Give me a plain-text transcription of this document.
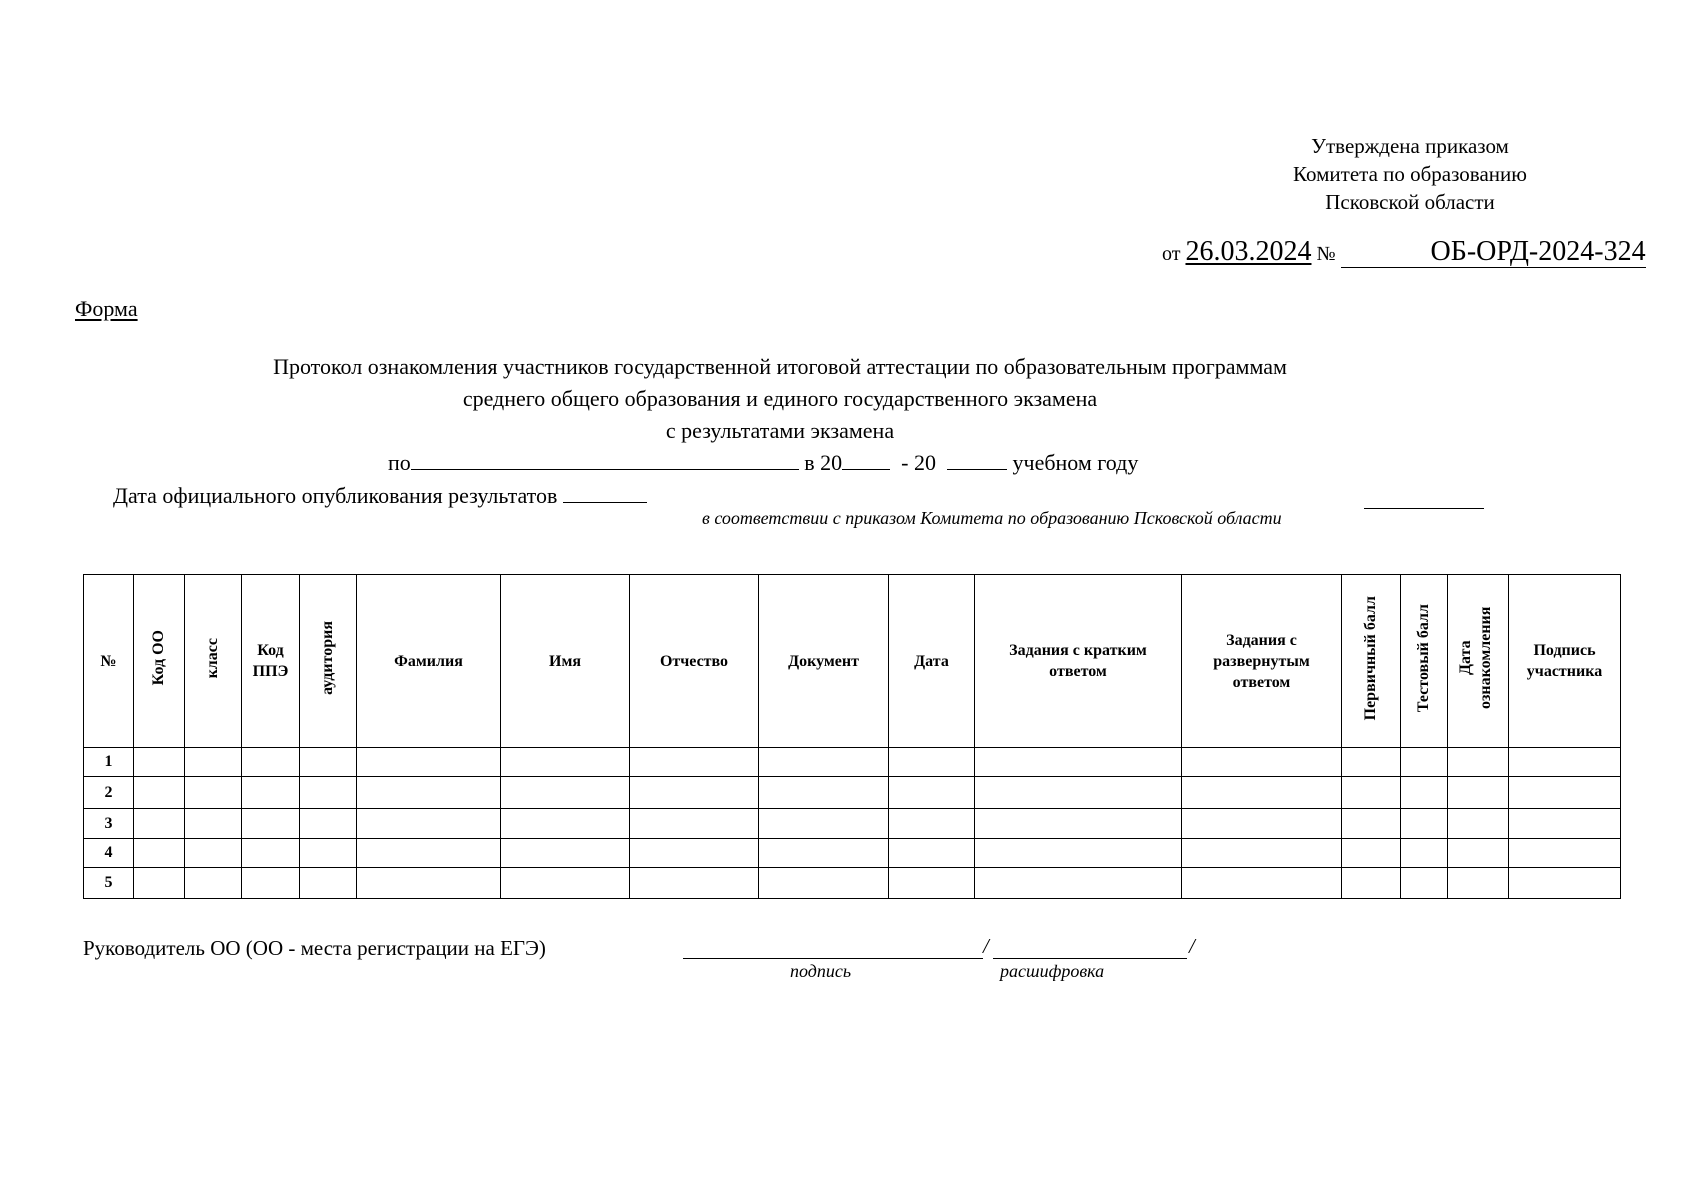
Утверждена приказом
Комитета по образованию
Псковской области
от 26.03.2024 №	ОБ-ОРД-2024-324
Форма
Протокол ознакомления участников государственной итоговой аттестации по образовательным программам
среднего общего образования и единого государственного экзамена
с результатами экзамена
по	в 20	- 20	учебном году
Дата официального опубликования результатов
в соответствии с приказом Комитета по образованию Псковской области
№	Код ОО	класс	Код ППЭ	аудитория	Фамилия	Имя	Отчество	Документ	Дата	Задания с кратким ответом	Задания с развернутым ответом	Первичный балл	Тестовый балл	Дата ознакомления	Подпись участника

1															
2															
3															
4															
5															
Руководитель ОО (ОО - места регистрации на ЕГЭ)	/	/
подпись	расшифровка
